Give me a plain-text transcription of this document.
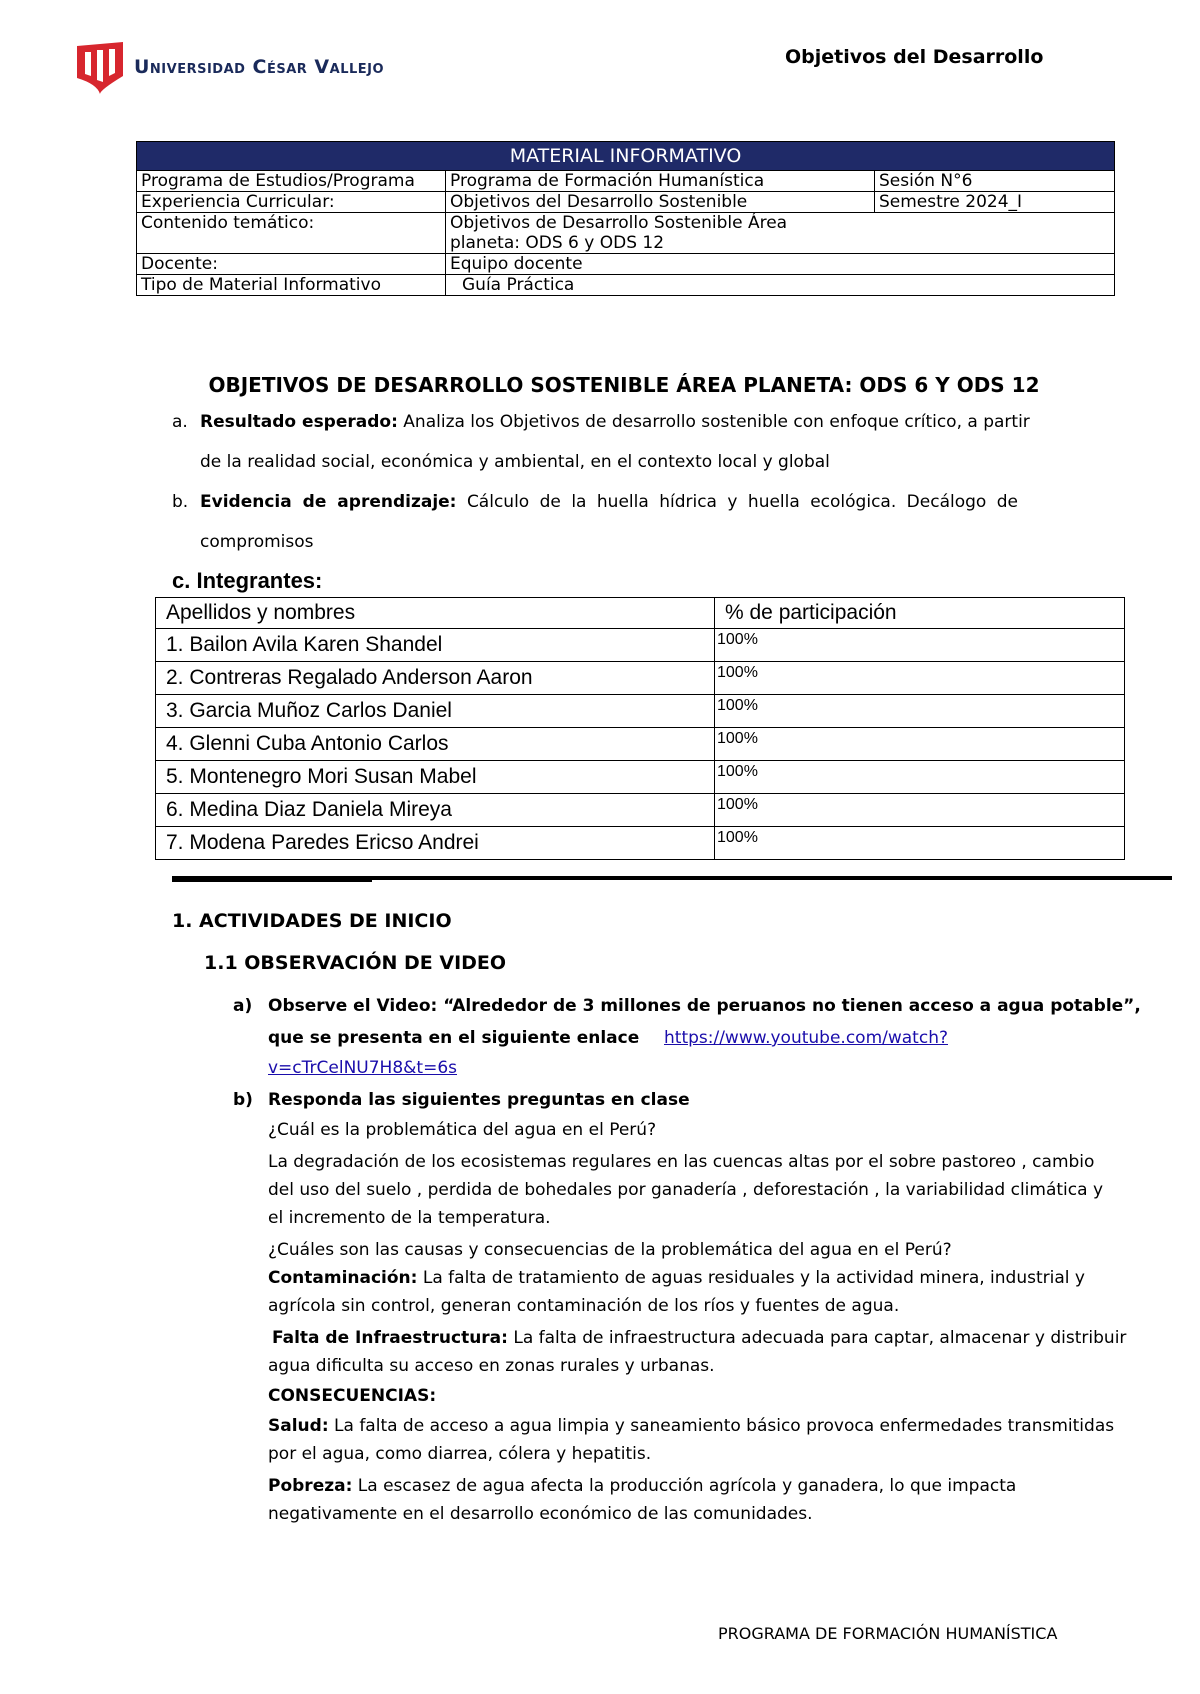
Universidad César Vallejo	Objetivos del Desarrollo
MATERIAL INFORMATIVO		
Programa de Estudios/Programa	Programa de Formación Humanística	Sesión N°6
Experiencia Curricular:	Objetivos del Desarrollo Sostenible	Semestre 2024_I
Contenido temático:	Objetivos de Desarrollo Sostenible Área
planeta: ODS 6 y ODS 12	

Docente:	Equipo docente	
Tipo de Material Informativo	Guía Práctica	
OBJETIVOS DE DESARROLLO SOSTENIBLE ÁREA PLANETA: ODS 6 Y ODS 12
a. Resultado esperado: Analiza los Objetivos de desarrollo sostenible con enfoque crítico, a partir
de la realidad social, económica y ambiental, en el contexto local y global
b. Evidencia de aprendizaje: Cálculo de la huella hídrica y huella ecológica. Decálogo de
compromisos
c. Integrantes:
Apellidos y nombres	% de participación
1. Bailon Avila Karen Shandel	100%
2. Contreras Regalado Anderson Aaron	100%
3. Garcia Muñoz Carlos Daniel	100%
4. Glenni Cuba Antonio Carlos	100%
5. Montenegro Mori Susan Mabel	100%
6. Medina Diaz Daniela Mireya	100%
7. Modena Paredes Ericso Andrei	100%
1. ACTIVIDADES DE INICIO
1.1 OBSERVACIÓN DE VIDEO
a) Observe el Video: “Alrededor de 3 millones de peruanos no tienen acceso a agua potable”,
que se presenta en el siguiente enlace https://www.youtube.com/watch?
v=cTrCelNU7H8&t=6s
b) Responda las siguientes preguntas en clase
¿Cuál es la problemática del agua en el Perú?
La degradación de los ecosistemas regulares en las cuencas altas por el sobre pastoreo , cambio
del uso del suelo , perdida de bohedales por ganadería , deforestación , la variabilidad climática y
el incremento de la temperatura.
¿Cuáles son las causas y consecuencias de la problemática del agua en el Perú?
Contaminación: La falta de tratamiento de aguas residuales y la actividad minera, industrial y
agrícola sin control, generan contaminación de los ríos y fuentes de agua.
Falta de Infraestructura: La falta de infraestructura adecuada para captar, almacenar y distribuir
agua dificulta su acceso en zonas rurales y urbanas.
CONSECUENCIAS:
Salud: La falta de acceso a agua limpia y saneamiento básico provoca enfermedades transmitidas
por el agua, como diarrea, cólera y hepatitis.
Pobreza: La escasez de agua afecta la producción agrícola y ganadera, lo que impacta
negativamente en el desarrollo económico de las comunidades.
PROGRAMA DE FORMACIÓN HUMANÍSTICA
